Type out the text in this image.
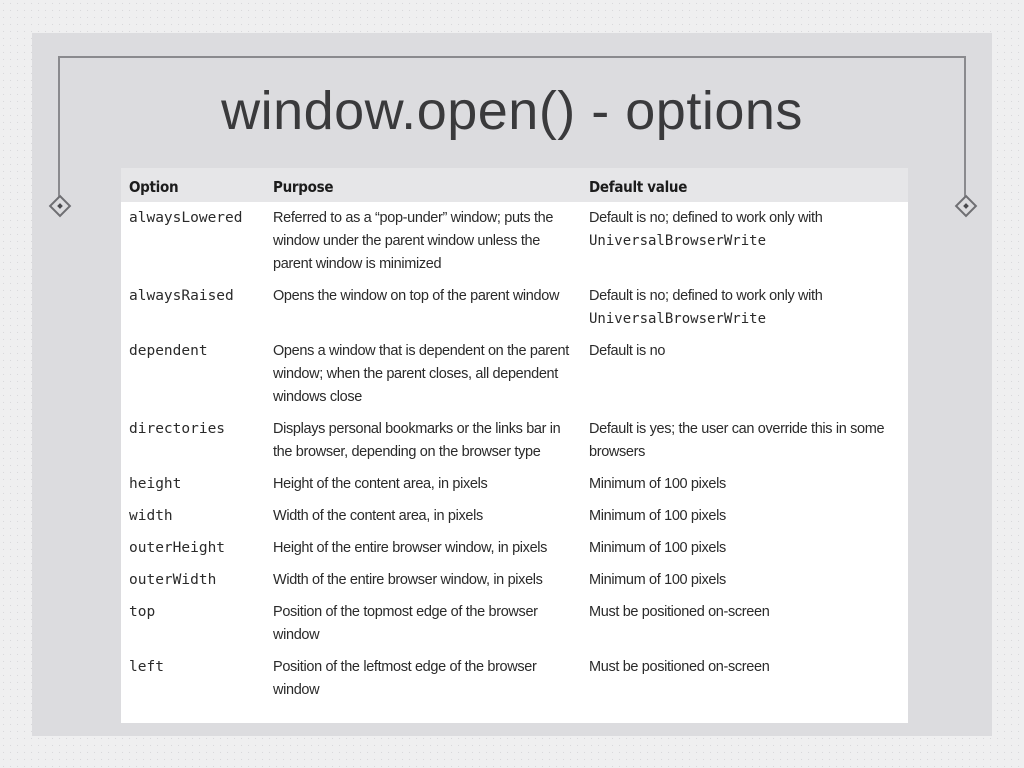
window.open() - options
Option	Purpose	Default value
alwaysLowered	Referred to as a “pop-under” window; puts the window under the parent window unless the parent window is minimized	Default is no; defined to work only with
UniversalBrowserWrite
alwaysRaised	Opens the window on top of the parent window	Default is no; defined to work only with
UniversalBrowserWrite
dependent	Opens a window that is dependent on the parent window; when the parent closes, all dependent windows close	Default is no
directories	Displays personal bookmarks or the links bar in the browser, depending on the browser type	Default is yes; the user can override this in some browsers
height	Height of the content area, in pixels	Minimum of 100 pixels
width	Width of the content area, in pixels	Minimum of 100 pixels
outerHeight	Height of the entire browser window, in pixels	Minimum of 100 pixels
outerWidth	Width of the entire browser window, in pixels	Minimum of 100 pixels
top	Position of the topmost edge of the browser window	Must be positioned on-screen
left	Position of the leftmost edge of the browser window	Must be positioned on-screen
